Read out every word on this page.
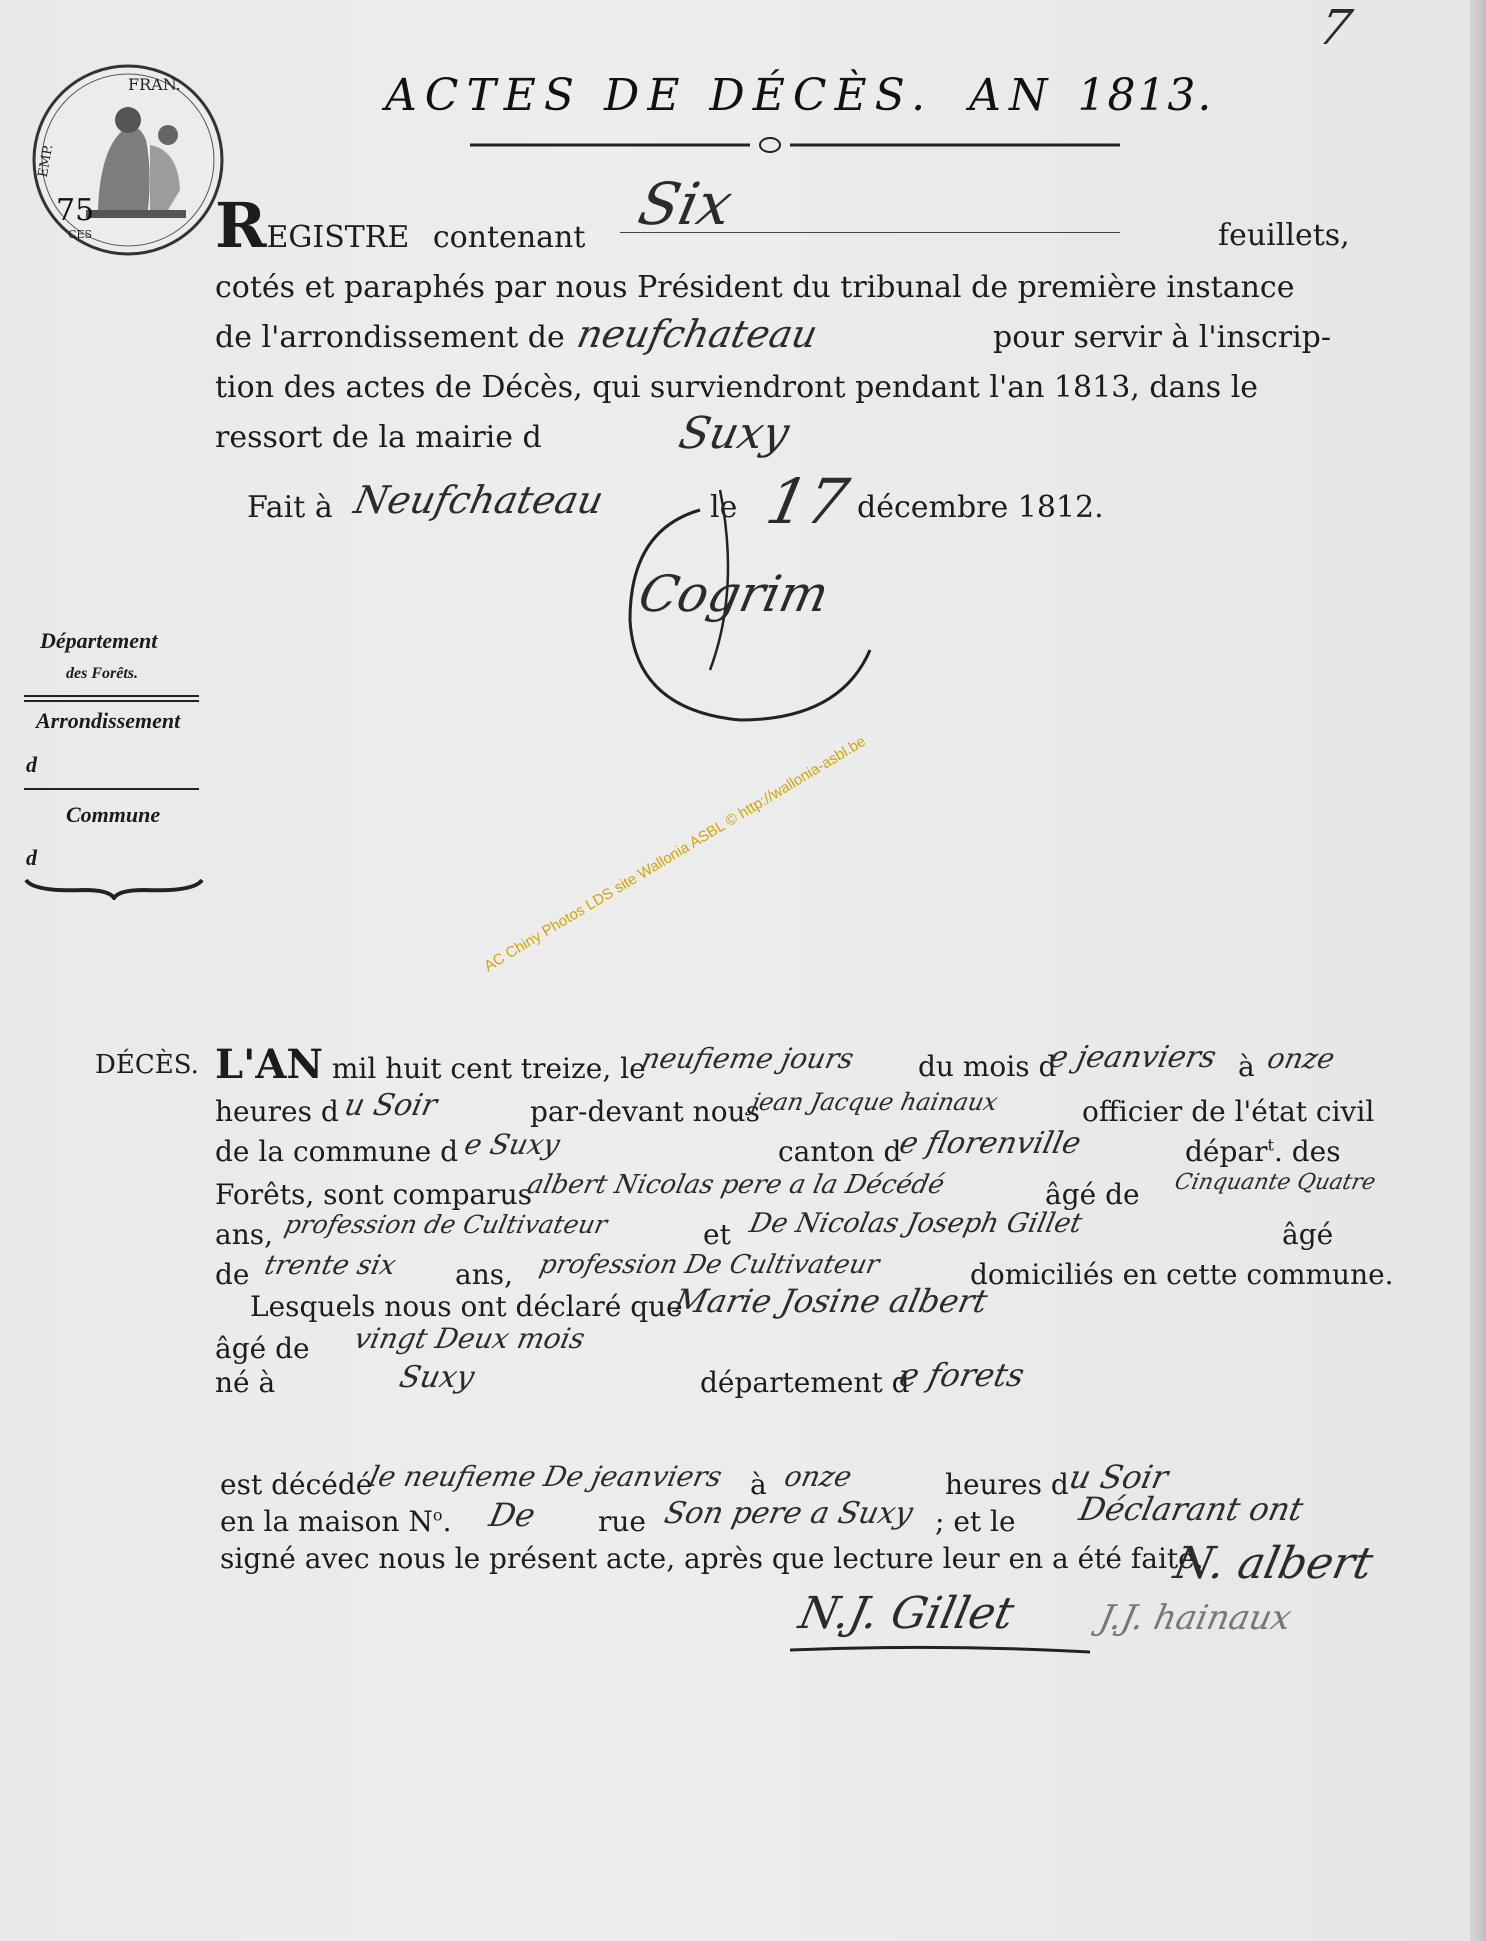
7
FRAN.
EMP.
75
CES
ACTES DE DÉCÈS. AN 1813.
REGISTRE contenant Six	feuillets,
cotés et paraphés par nous Président du tribunal de première instance
de l'arrondissement de neufchateau	pour servir à l'inscrip-
tion des actes de Décès, qui surviendront pendant l'an 1813, dans le
ressort de la mairie d	Suxy
Fait à Neufchateau	le 17 décembre 1812.
Cogrim
Département
des Forêts.
Arrondissement
d
Commune
d	AC Chiny Photos LDS site Wallonia ASBL © http://wallonia-asbl.be
DÉCÈS. L'AN mil huit cent treize, le
neufieme jours du mois d
e jeanviers à onze
heures d u Soir	par-devant nous
jean Jacque hainaux	officier de l'état civil
de la commune d e Suxy	canton d
e florenville	dépar$^t$. des
Forêts, sont comparus
albert Nicolas pere a la Décédé	âgé de Cinquante Quatre
ans, profession de Cultivateur	et De Nicolas Joseph Gillet	âgé
de trente six ans, profession De Cultivateur	domiciliés en cette commune.
Lesquels nous ont déclaré que
Marie Josine albert
âgé de vingt Deux mois
né à	Suxy	département d
e forets
est décédé
le neufieme De jeanviers à onze	heures d
u Soir
en la maison $N^o$. De rue Son pere a Suxy ; et le Déclarant ont
signé avec nous le présent acte, après que lecture leur en a été faite.
N. albert
N.J. Gillet J.J. hainaux
